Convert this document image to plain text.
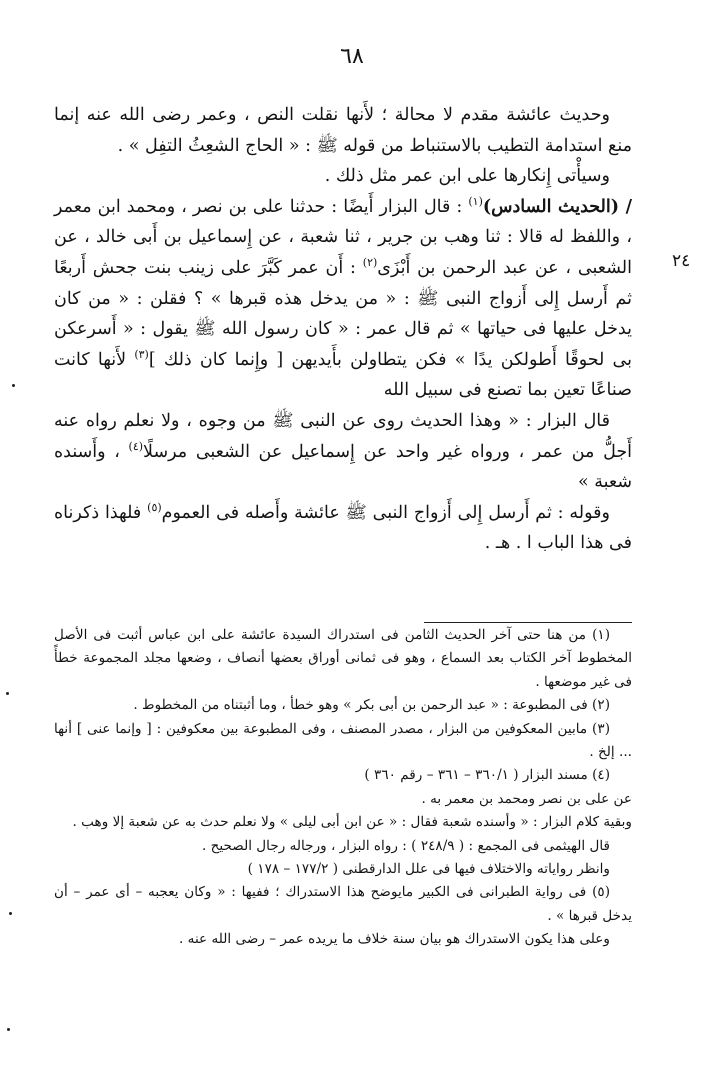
٦٨
٢٤

وحديث عائشة مقدم لا محالة ؛ لأَنها نقلت النص ، وعمر رضى الله عنه إنما منع استدامة التطيب بالاستنباط من قوله ﷺ : « الحاج الشعِثُ التفِل » .

وسيأْتى إِنكارها على ابن عمر مثل ذلك .

/ (الحديث السادس)$^{(١)}$ : قال البزار أَيضًا : حدثنا على بن نصر ، ومحمد ابن معمر ، واللفظ له قالا : ثنا وهب بن جرير ، ثنا شعبة ، عن إِسماعيل بن أَبى خالد ، عن الشعبى ، عن عبد الرحمن بن أَبْزَى$^{(٢)}$ : أَن عمر كَبَّرَ على زينب بنت جحش أَربعًا ثم أَرسل إِلى أَزواج النبى ﷺ : « من يدخل هذه قبرها » ؟ فقلن : « من كان يدخل عليها فى حياتها » ثم قال عمر : « كان رسول الله ﷺ يقول : « أَسرعكن بى لحوقًا أَطولكن يدًا » فكن يتطاولن بأَيديهن [ وإِنما كان ذلك ]$^{(٣)}$ لأَنها كانت صناعًا تعين بما تصنع فى سبيل الله

قال البزار : « وهذا الحديث روى عن النبى ﷺ من وجوه ، ولا نعلم رواه عنه أَجلُّ من عمر ، ورواه غير واحد عن إِسماعيل عن الشعبى مرسلًا$^{(٤)}$ ، وأَسنده شعبة »

وقوله : ثم أَرسل إِلى أَزواج النبى ﷺ عائشة وأَصله فى العموم$^{(٥)}$ فلهذا ذكرناه فى هذا الباب ا . هـ .

(١) من هنا حتى آخر الحديث الثامن فى استدراك السيدة عائشة على ابن عباس أثبت فى الأصل المخطوط آخر الكتاب بعد السماع ، وهو فى ثمانى أوراق بعضها أنصاف ، وضعها مجلد المجموعة خطأً فى غير موضعها .

(٢) فى المطبوعة : « عبد الرحمن بن أبى بكر » وهو خطأ ، وما أثبتناه من المخطوط .

(٣) مابين المعكوفين من البزار ، مصدر المصنف ، وفى المطبوعة بين معكوفين : [ وإنما عنى ] أنها ... إلخ .

(٤) مسند البزار ( ٣٦٠/١ – ٣٦١ – رقم ٣٦٠ )

عن على بن نصر ومحمد بن معمر به .

وبقية كلام البزار : « وأسنده شعبة فقال : « عن ابن أبى ليلى » ولا نعلم حدث به عن شعبة إلا وهب .

قال الهيثمى فى المجمع : ( ٢٤٨/٩ ) : رواه البزار ، ورجاله رجال الصحيح .

وانظر رواياته والاختلاف فيها فى علل الدارقطنى ( ١٧٧/٢ – ١٧٨ )

(٥) فى رواية الطبرانى فى الكبير مايوضح هذا الاستدراك ؛ ففيها : « وكان يعجبه – أى عمر – أن يدخل قبرها » .

وعلى هذا يكون الاستدراك هو بيان سنة خلاف ما يريده عمر – رضى الله عنه .
